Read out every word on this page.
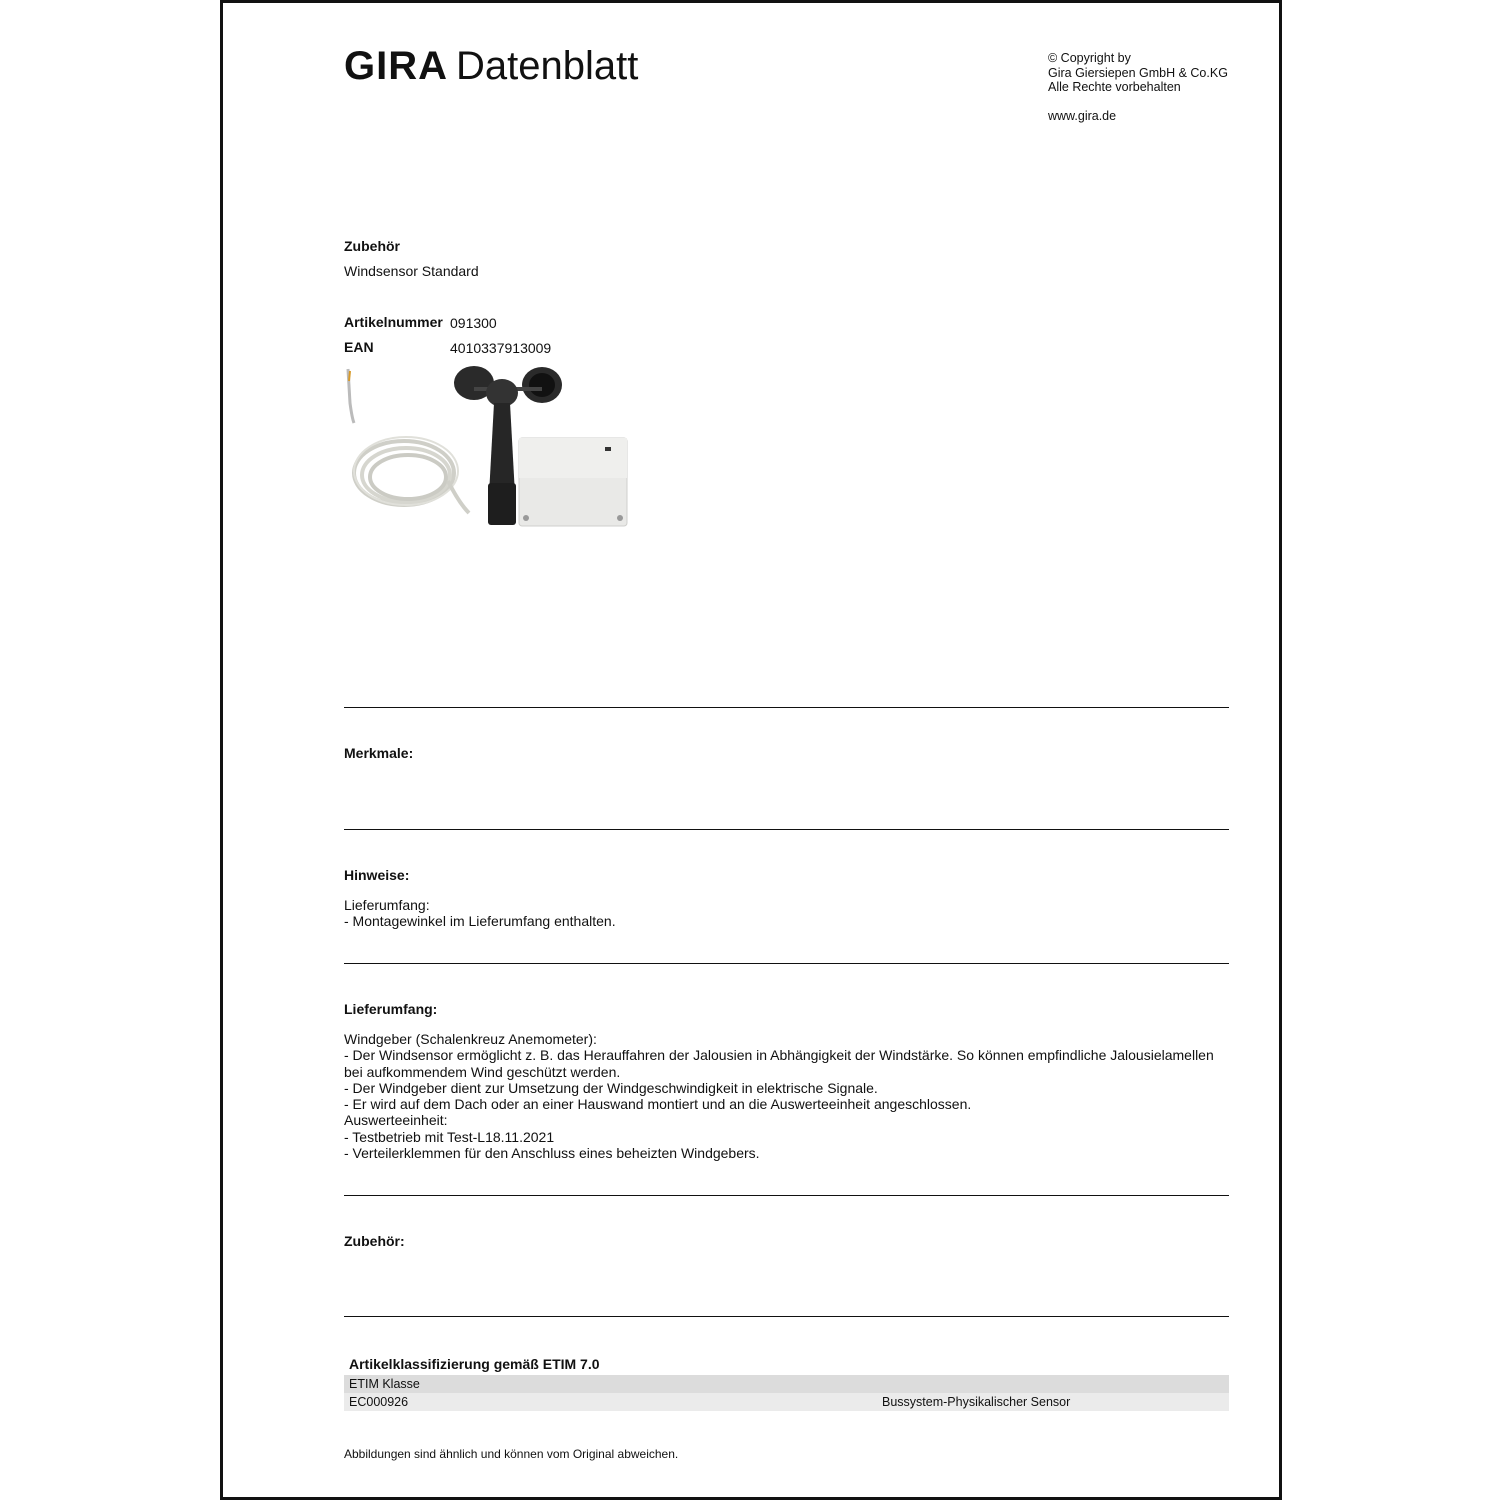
GIRA Datenblatt	© Copyright by
Gira Giersiepen GmbH & Co.KG
Alle Rechte vorbehalten
www.gira.de
Zubehör
Windsensor Standard
Artikelnummer 091300
EAN	4010337913009
Merkmale:
Hinweise:
Lieferumfang:
- Montagewinkel im Lieferumfang enthalten.
Lieferumfang:
Windgeber (Schalenkreuz Anemometer):
- Der Windsensor ermöglicht z. B. das Herauffahren der Jalousien in Abhängigkeit der Windstärke. So können empfindliche Jalousielamellen
bei aufkommendem Wind geschützt werden.
- Der Windgeber dient zur Umsetzung der Windgeschwindigkeit in elektrische Signale.
- Er wird auf dem Dach oder an einer Hauswand montiert und an die Auswerteeinheit angeschlossen.
Auswerteeinheit:
- Testbetrieb mit Test-L18.11.2021
- Verteilerklemmen für den Anschluss eines beheizten Windgebers.
Zubehör:
Artikelklassifizierung gemäß ETIM 7.0
ETIM Klasse
EC000926	Bussystem-Physikalischer Sensor
Abbildungen sind ähnlich und können vom Original abweichen.
